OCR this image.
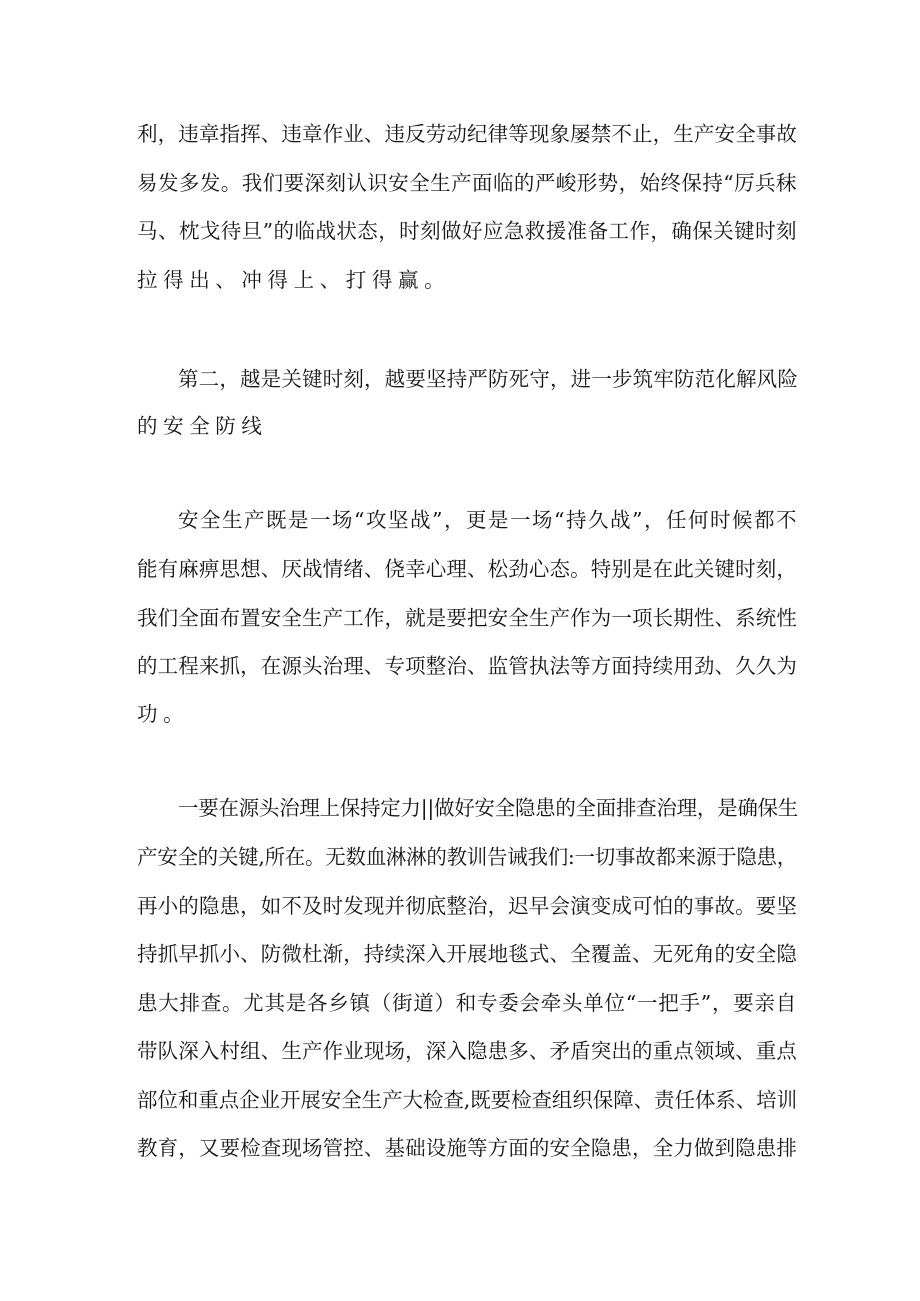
利，违章指挥、违章作业、违反劳动纪律等现象屡禁不止，生产安全事故
易发多发。我们要深刻认识安全生产面临的严峻形势，始终保持“厉兵秣
马、枕戈待旦”的临战状态，时刻做好应急救援准备工作，确保关键时刻
拉得出、冲得上、打得赢。
第二，越是关键时刻，越要坚持严防死守，进一步筑牢防范化解风险
的安全防线
安全生产既是一场“攻坚战”，更是一场“持久战”，任何时候都不
能有麻痹思想、厌战情绪、侥幸心理、松劲心态。特别是在此关键时刻，
我们全面布置安全生产工作，就是要把安全生产作为一项长期性、系统性
的工程来抓，在源头治理、专项整治、监管执法等方面持续用劲、久久为
功。
一要在源头治理上保持定力||做好安全隐患的全面排查治理，是确保生
产安全的关键,所在。无数血淋淋的教训告诫我们:一切事故都来源于隐患，
再小的隐患，如不及时发现并彻底整治，迟早会演变成可怕的事故。要坚
持抓早抓小、防微杜渐，持续深入开展地毯式、全覆盖、无死角的安全隐
患大排查。尤其是各乡镇（街道）和专委会牵头单位“一把手”，要亲自
带队深入村组、生产作业现场，深入隐患多、矛盾突出的重点领域、重点
部位和重点企业开展安全生产大检查,既要检查组织保障、责任体系、培训
教育，又要检查现场管控、基础设施等方面的安全隐患，全力做到隐患排
